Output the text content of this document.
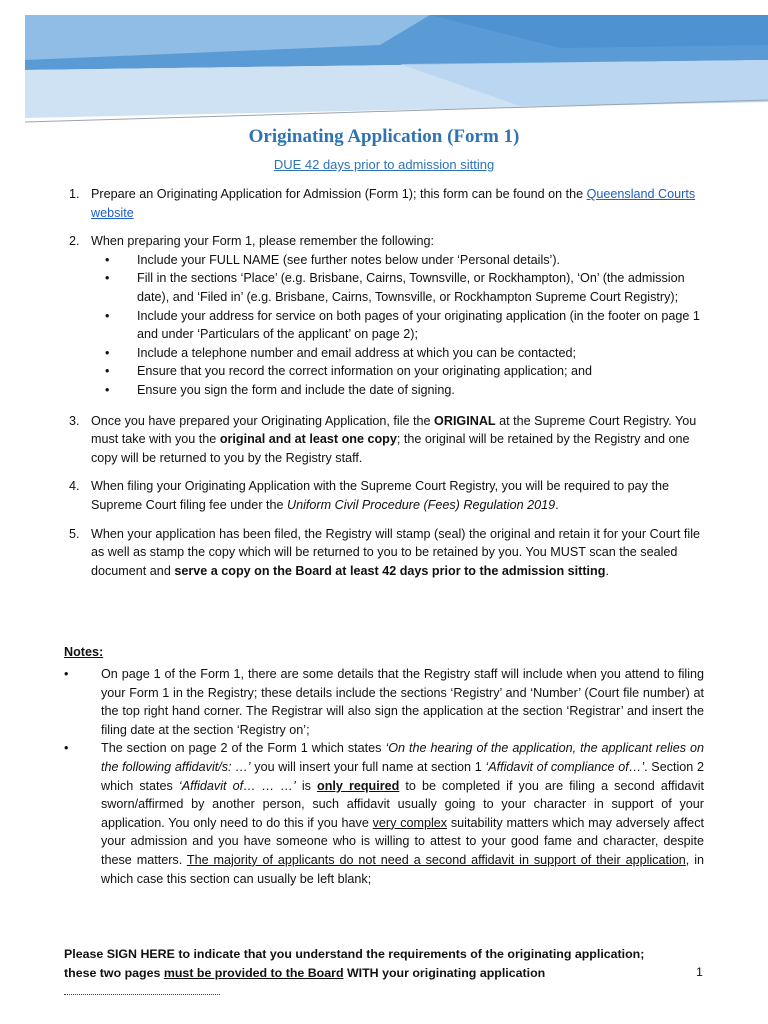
Originating Application (Form 1)
DUE 42 days prior to admission sitting
1. Prepare an Originating Application for Admission (Form 1); this form can be found on the Queensland Courts website
2. When preparing your Form 1, please remember the following:
• Include your FULL NAME (see further notes below under ‘Personal details’).
• Fill in the sections ‘Place’ (e.g. Brisbane, Cairns, Townsville, or Rockhampton), ‘On’ (the admission date), and ‘Filed in’ (e.g. Brisbane, Cairns, Townsville, or Rockhampton Supreme Court Registry);
• Include your address for service on both pages of your originating application (in the footer on page 1 and under ‘Particulars of the applicant’ on page 2);
• Include a telephone number and email address at which you can be contacted;
• Ensure that you record the correct information on your originating application; and
• Ensure you sign the form and include the date of signing.
3. Once you have prepared your Originating Application, file the ORIGINAL at the Supreme Court Registry. You must take with you the original and at least one copy; the original will be retained by the Registry and one copy will be returned to you by the Registry staff.
4. When filing your Originating Application with the Supreme Court Registry, you will be required to pay the Supreme Court filing fee under the Uniform Civil Procedure (Fees) Regulation 2019.
5. When your application has been filed, the Registry will stamp (seal) the original and retain it for your Court file as well as stamp the copy which will be returned to you to be retained by you. You MUST scan the sealed document and serve a copy on the Board at least 42 days prior to the admission sitting.
Notes:
•	On page 1 of the Form 1, there are some details that the Registry staff will include when you attend to filing your Form 1 in the Registry; these details include the sections ‘Registry’ and ‘Number’ (Court file number) at the top right hand corner. The Registrar will also sign the application at the section ‘Registrar’ and insert the filing date at the section ‘Registry on’;
•	The section on page 2 of the Form 1 which states ‘On the hearing of the application, the applicant relies on the following affidavit/s: …’ you will insert your full name at section 1 ‘Affidavit of compliance of…’. Section 2 which states ‘Affidavit of… … …’ is only required to be completed if you are filing a second affidavit sworn/affirmed by another person, such affidavit usually going to your character in support of your application. You only need to do this if you have very complex suitability matters which may adversely affect your admission and you have someone who is willing to attest to your good fame and character, despite these matters. The majority of applicants do not need a second affidavit in support of their application, in which case this section can usually be left blank;
Please SIGN HERE to indicate that you understand the requirements of the originating application; these two pages must be provided to the Board WITH your originating application	1
